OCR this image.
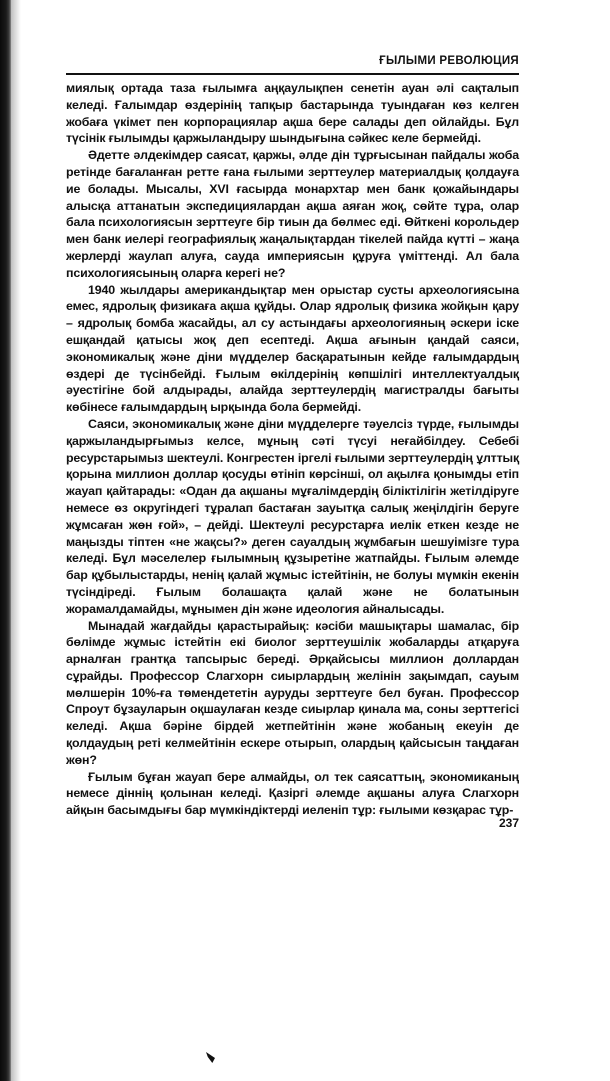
ҒЫЛЫМИ РЕВОЛЮЦИЯ

миялық ортада таза ғылымға аңқаулықпен сенетін ауан әлі сақталып келеді. Ғалымдар өздерінің тапқыр бастарында туындаған көз келген жобаға үкімет пен корпорациялар ақша бере салады деп ойлайды. Бұл түсінік ғылымды қаржыландыру шындығына сәйкес келе бермейді.

Әдетте әлдекімдер саясат, қаржы, әлде дін тұрғысынан пайдалы жоба ретінде бағаланған ретте ғана ғылыми зерттеулер материалдық қолдауға ие болады. Мысалы, XVI ғасырда монархтар мен банк қожайындары алысқа аттанатын экспедициялардан ақша аяған жоқ, сөйте тұра, олар бала психологиясын зерттеуге бір тиын да бөлмес еді. Өйткені корольдер мен банк иелері географиялық жаңалықтардан тікелей пайда күтті – жаңа жерлерді жаулап алуға, сауда империясын құруға үміттенді. Ал бала психологиясының оларға керегі не?

1940 жылдары американдықтар мен орыстар сусты археологиясына емес, ядролық физикаға ақша құйды. Олар ядролық физика жойқын қару – ядролық бомба жасайды, ал су астындағы археологияның әскери іске ешқандай қатысы жоқ деп есептеді. Ақша ағынын қандай саяси, экономикалық және діни мүдделер басқаратынын кейде ғалымдардың өздері де түсінбейді. Ғылым өкілдерінің көпшілігі интеллектуалдық әуестігіне бой алдырады, алайда зерттеулердің магистралды бағыты көбінесе ғалымдардың ырқында бола бермейді.

Саяси, экономикалық және діни мүдделерге тәуелсіз түрде, ғылымды қаржыландырғымыз келсе, мұның сәті түсуі неғайбілдеу. Себебі ресурстарымыз шектеулі. Конгрестен іргелі ғылыми зерттеулердің ұлттық қорына миллион доллар қосуды өтініп көрсінші, ол ақылға қонымды етіп жауап қайтарады: «Одан да ақшаны мұғалімдердің біліктілігін жетілдіруге немесе өз округіндегі тұралап бастаған зауытқа салық жеңілдігін беруге жұмсаған жөн ғой», – дейді. Шектеулі ресурстарға иелік еткен кезде не маңызды тіптен «не жақсы?» деген сауалдың жұмбағын шешуімізге тура келеді. Бұл мәселелер ғылымның құзыретіне жатпайды. Ғылым әлемде бар құбылыстарды, ненің қалай жұмыс істейтінін, не болуы мүмкін екенін түсіндіреді. Ғылым болашақта қалай және не болатынын жорамалдамайды, мұнымен дін және идеология айналысады.

Мынадай жағдайды қарастырайық: кәсіби машықтары шамалас, бір бөлімде жұмыс істейтін екі биолог зерттеушілік жобаларды атқаруға арналған грантқа тапсырыс береді. Әрқайсысы миллион доллардан сұрайды. Профессор Слагхорн сиырлардың желінін зақымдап, сауым мөлшерін 10%-ға төмендететін ауруды зерттеуге бел буған. Профессор Спроут бұзауларын оқшаулаған кезде сиырлар қинала ма, соны зерттегісі келеді. Ақша бәріне бірдей жетпейтінін және жобаның екеуін де қолдаудың реті келмейтінін ескере отырып, олардың қайсысын таңдаған жөн?

Ғылым бұған жауап бере алмайды, ол тек саясаттың, экономиканың немесе діннің қолынан келеді. Қазіргі әлемде ақшаны алуға Слагхорн айқын басымдығы бар мүмкіндіктерді иеленіп тұр: ғылыми көзқарас тұр-

237
